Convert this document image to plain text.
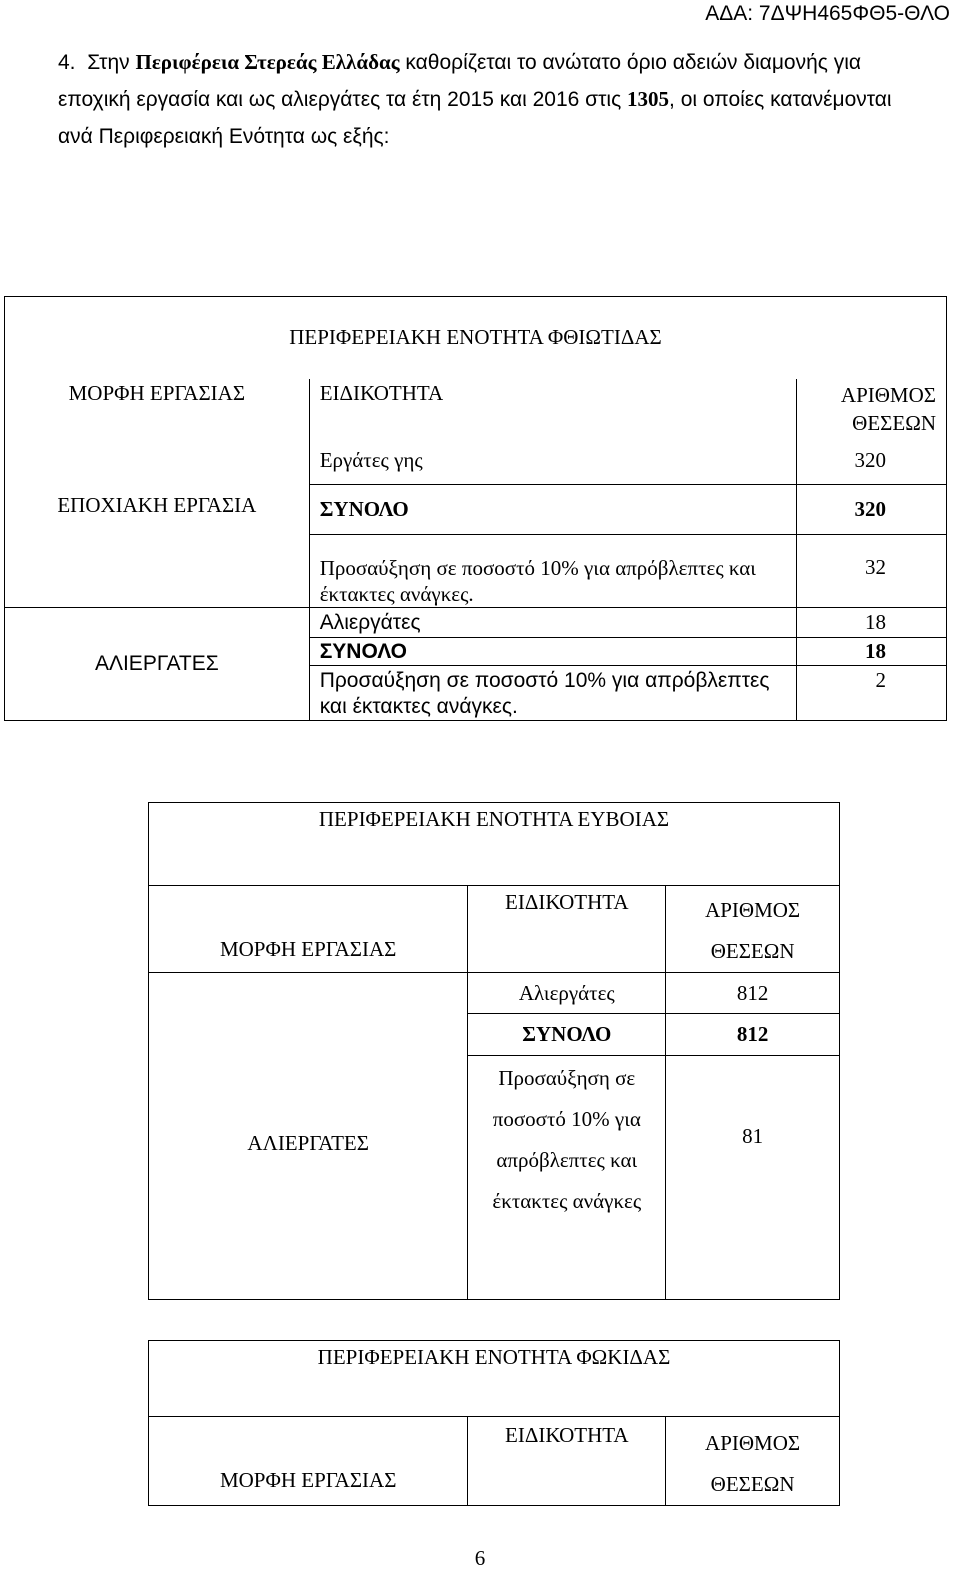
ΑΔΑ: 7ΔΨΗ465ΦΘ5-ΘΛΟ
4. Στην Περιφέρεια Στερεάς Ελλάδας καθορίζεται το ανώτατο όριο αδειών διαμονής για εποχική εργασία και ως αλιεργάτες τα έτη 2015 και 2016 στις 1305, οι οποίες κατανέμονται ανά Περιφερειακή Ενότητα ως εξής:
ΠΕΡΙΦΕΡΕΙΑΚΗ ΕΝΟΤΗΤΑ ΦΘΙΩΤΙΔΑΣ		
ΜΟΡΦΗ ΕΡΓΑΣΙΑΣ	ΕΙΔΙΚΟΤΗΤΑ	ΑΡΙΘΜΟΣ ΘΕΣΕΩΝ
ΕΠΟΧΙΑΚΗ ΕΡΓΑΣΙΑ	Εργάτες γης	320
	ΣΥΝΟΛΟ	320
	Προσαύξηση σε ποσοστό 10% για απρόβλεπτες και έκτακτες ανάγκες.	32
ΑΛΙΕΡΓΑΤΕΣ	Αλιεργάτες	18
	ΣΥΝΟΛΟ	18
	Προσαύξηση σε ποσοστό 10% για απρόβλεπτες και έκτακτες ανάγκες.	2
ΠΕΡΙΦΕΡΕΙΑΚΗ ΕΝΟΤΗΤΑ ΕΥΒΟΙΑΣ		
ΜΟΡΦΗ ΕΡΓΑΣΙΑΣ	ΕΙΔΙΚΟΤΗΤΑ	ΑΡΙΘΜΟΣ ΘΕΣΕΩΝ
ΑΛΙΕΡΓΑΤΕΣ	Αλιεργάτες	812
	ΣΥΝΟΛΟ	812
	Προσαύξηση σε ποσοστό 10% για απρόβλεπτες και έκτακτες ανάγκες	81
ΠΕΡΙΦΕΡΕΙΑΚΗ ΕΝΟΤΗΤΑ ΦΩΚΙΔΑΣ
ΜΟΡΦΗ ΕΡΓΑΣΙΑΣ	ΕΙΔΙΚΟΤΗΤΑ	ΑΡΙΘΜΟΣ ΘΕΣΕΩΝ
6
